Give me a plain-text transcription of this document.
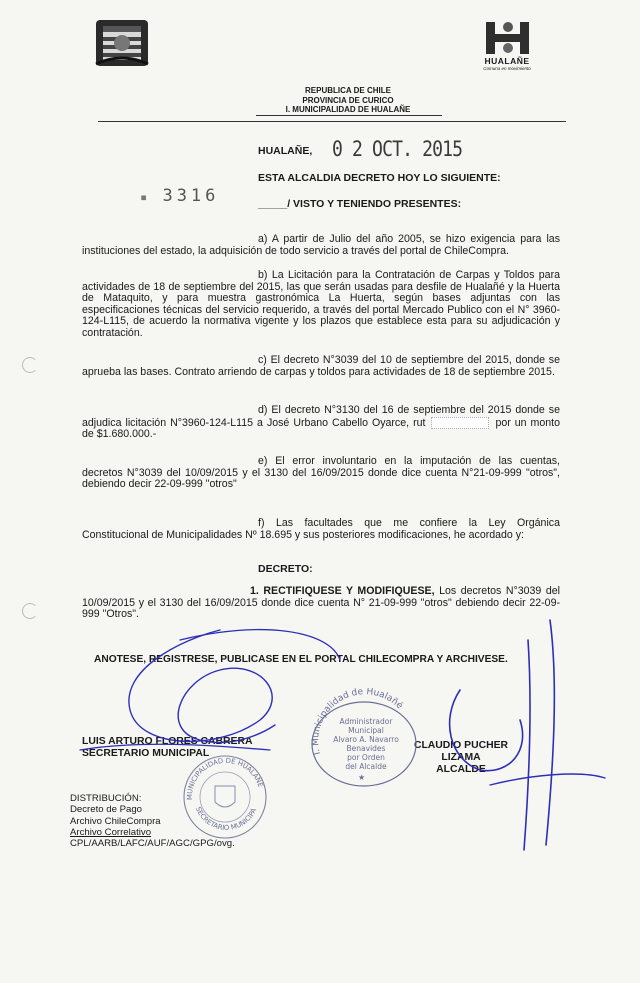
HUALAÑE
Comuna en movimiento
REPUBLICA DE CHILE
PROVINCIA DE CURICO
I. MUNICIPALIDAD DE HUALAÑE
HUALAÑE, 0 2 OCT. 2015
ESTA ALCALDIA DECRETO HOY LO SIGUIENTE:
▪ 3316	_____/ VISTO Y TENIENDO PRESENTES:
a) A partir de Julio del año 2005, se hizo exigencia para las instituciones del estado, la adquisición de todo servicio a través del portal de ChileCompra.
b) La Licitación para la Contratación de Carpas y Toldos para actividades de 18 de septiembre del 2015, las que serán usadas para desfile de Hualañé y la Huerta de Mataquito, y para muestra gastronómica La Huerta, según bases adjuntas con las especificaciones técnicas del servicio requerido, a través del portal Mercado Publico con el N° 3960-124-L115, de acuerdo la normativa vigente y los plazos que establece esta para su adjudicación y contratación.
c) El decreto N°3039 del 10 de septiembre del 2015, donde se aprueba las bases. Contrato arriendo de carpas y toldos para actividades de 18 de septiembre 2015.
d) El decreto N°3130 del 16 de septiembre del 2015 donde se adjudica licitación N°3960-124-L115 a José Urbano Cabello Oyarce, rut	por un monto de $1.680.000.-
e) El error involuntario en la imputación de las cuentas, decretos N°3039 del 10/09/2015 y el 3130 del 16/09/2015 donde dice cuenta N°21-09-999 "otros", debiendo decir 22-09-999 "otros"
f) Las facultades que me confiere la Ley Orgánica Constitucional de Municipalidades Nº 18.695 y sus posteriores modificaciones, he acordado y:
DECRETO:
1. RECTIFIQUESE Y MODIFIQUESE, Los decretos N°3039 del 10/09/2015 y el 3130 del 16/09/2015 donde dice cuenta N° 21-09-999 "otros" debiendo decir 22-09-999 "Otros".
ANOTESE, REGISTRESE, PUBLICASE EN EL PORTAL CHILECOMPRA Y ARCHIVESE.
LUIS ARTURO FLORES CABRERA
SECRETARIO MUNICIPAL
CLAUDIO PUCHER LIZAMA
ALCALDE
I. Municipalidad de Hualañé
Administrador
Municipal
Alvaro A. Navarro
Benavides
por Orden
del Alcalde
★
MUNICIPALIDAD DE HUALAÑE
SECRETARIO MUNICIPA
DISTRIBUCIÓN:
Decreto de Pago
Archivo ChileCompra
Archivo Correlativo
CPL/AARB/LAFC/AUF/AGC/GPG/ovg.
